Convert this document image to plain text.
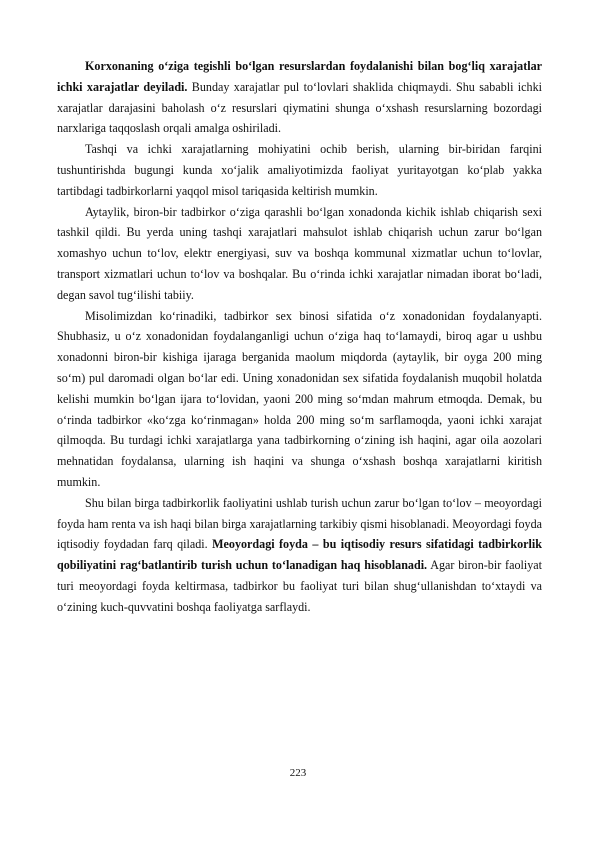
Korxonaning o‘ziga tegishli bo‘lgan resurslardan foydalanishi bilan bog‘liq xarajatlar ichki xarajatlar deyiladi. Bunday xarajatlar pul to‘lovlari shaklida chiqmaydi. Shu sababli ichki xarajatlar darajasini baholash o‘z resurslari qiymatini shunga o‘xshash resurslarning bozordagi narxlariga taqqoslash orqali amalga oshiriladi.

Tashqi va ichki xarajatlarning mohiyatini ochib berish, ularning bir-biridan farqini tushuntirishda bugungi kunda xo‘jalik amaliyotimizda faoliyat yuritayotgan ko‘plab yakka tartibdagi tadbirkorlarni yaqqol misol tariqasida keltirish mumkin.

Aytaylik, biron-bir tadbirkor o‘ziga qarashli bo‘lgan xonadonda kichik ishlab chiqarish sexi tashkil qildi. Bu yerda uning tashqi xarajatlari mahsulot ishlab chiqarish uchun zarur bo‘lgan xomashyo uchun to‘lov, elektr energiyasi, suv va boshqa kommunal xizmatlar uchun to‘lovlar, transport xizmatlari uchun to‘lov va boshqalar. Bu o‘rinda ichki xarajatlar nimadan iborat bo‘ladi, degan savol tug‘ilishi tabiiy.

Misolimizdan ko‘rinadiki, tadbirkor sex binosi sifatida o‘z xonadonidan foydalanyapti. Shubhasiz, u o‘z xonadonidan foydalanganligi uchun o‘ziga haq to‘lamaydi, biroq agar u ushbu xonadonni biron-bir kishiga ijaraga berganida maolum miqdorda (aytaylik, bir oyga 200 ming so‘m) pul daromadi olgan bo‘lar edi. Uning xonadonidan sex sifatida foydalanish muqobil holatda kelishi mumkin bo‘lgan ijara to‘lovidan, yaoni 200 ming so‘mdan mahrum etmoqda. Demak, bu o‘rinda tadbirkor «ko‘zga ko‘rinmagan» holda 200 ming so‘m sarflamoqda, yaoni ichki xarajat qilmoqda. Bu turdagi ichki xarajatlarga yana tadbirkorning o‘zining ish haqini, agar oila aozolari mehnatidan foydalansa, ularning ish haqini va shunga o‘xshash boshqa xarajatlarni kiritish mumkin.

Shu bilan birga tadbirkorlik faoliyatini ushlab turish uchun zarur bo‘lgan to‘lov – meoyordagi foyda ham renta va ish haqi bilan birga xarajatlarning tarkibiy qismi hisoblanadi. Meoyordagi foyda iqtisodiy foydadan farq qiladi. Meoyordagi foyda – bu iqtisodiy resurs sifatidagi tadbirkorlik qobiliyatini rag‘batlantirib turish uchun to‘lanadigan haq hisoblanadi. Agar biron-bir faoliyat turi meoyordagi foyda keltirmasa, tadbirkor bu faoliyat turi bilan shug‘ullanishdan to‘xtaydi va o‘zining kuch-quvvatini boshqa faoliyatga sarflaydi.

223
